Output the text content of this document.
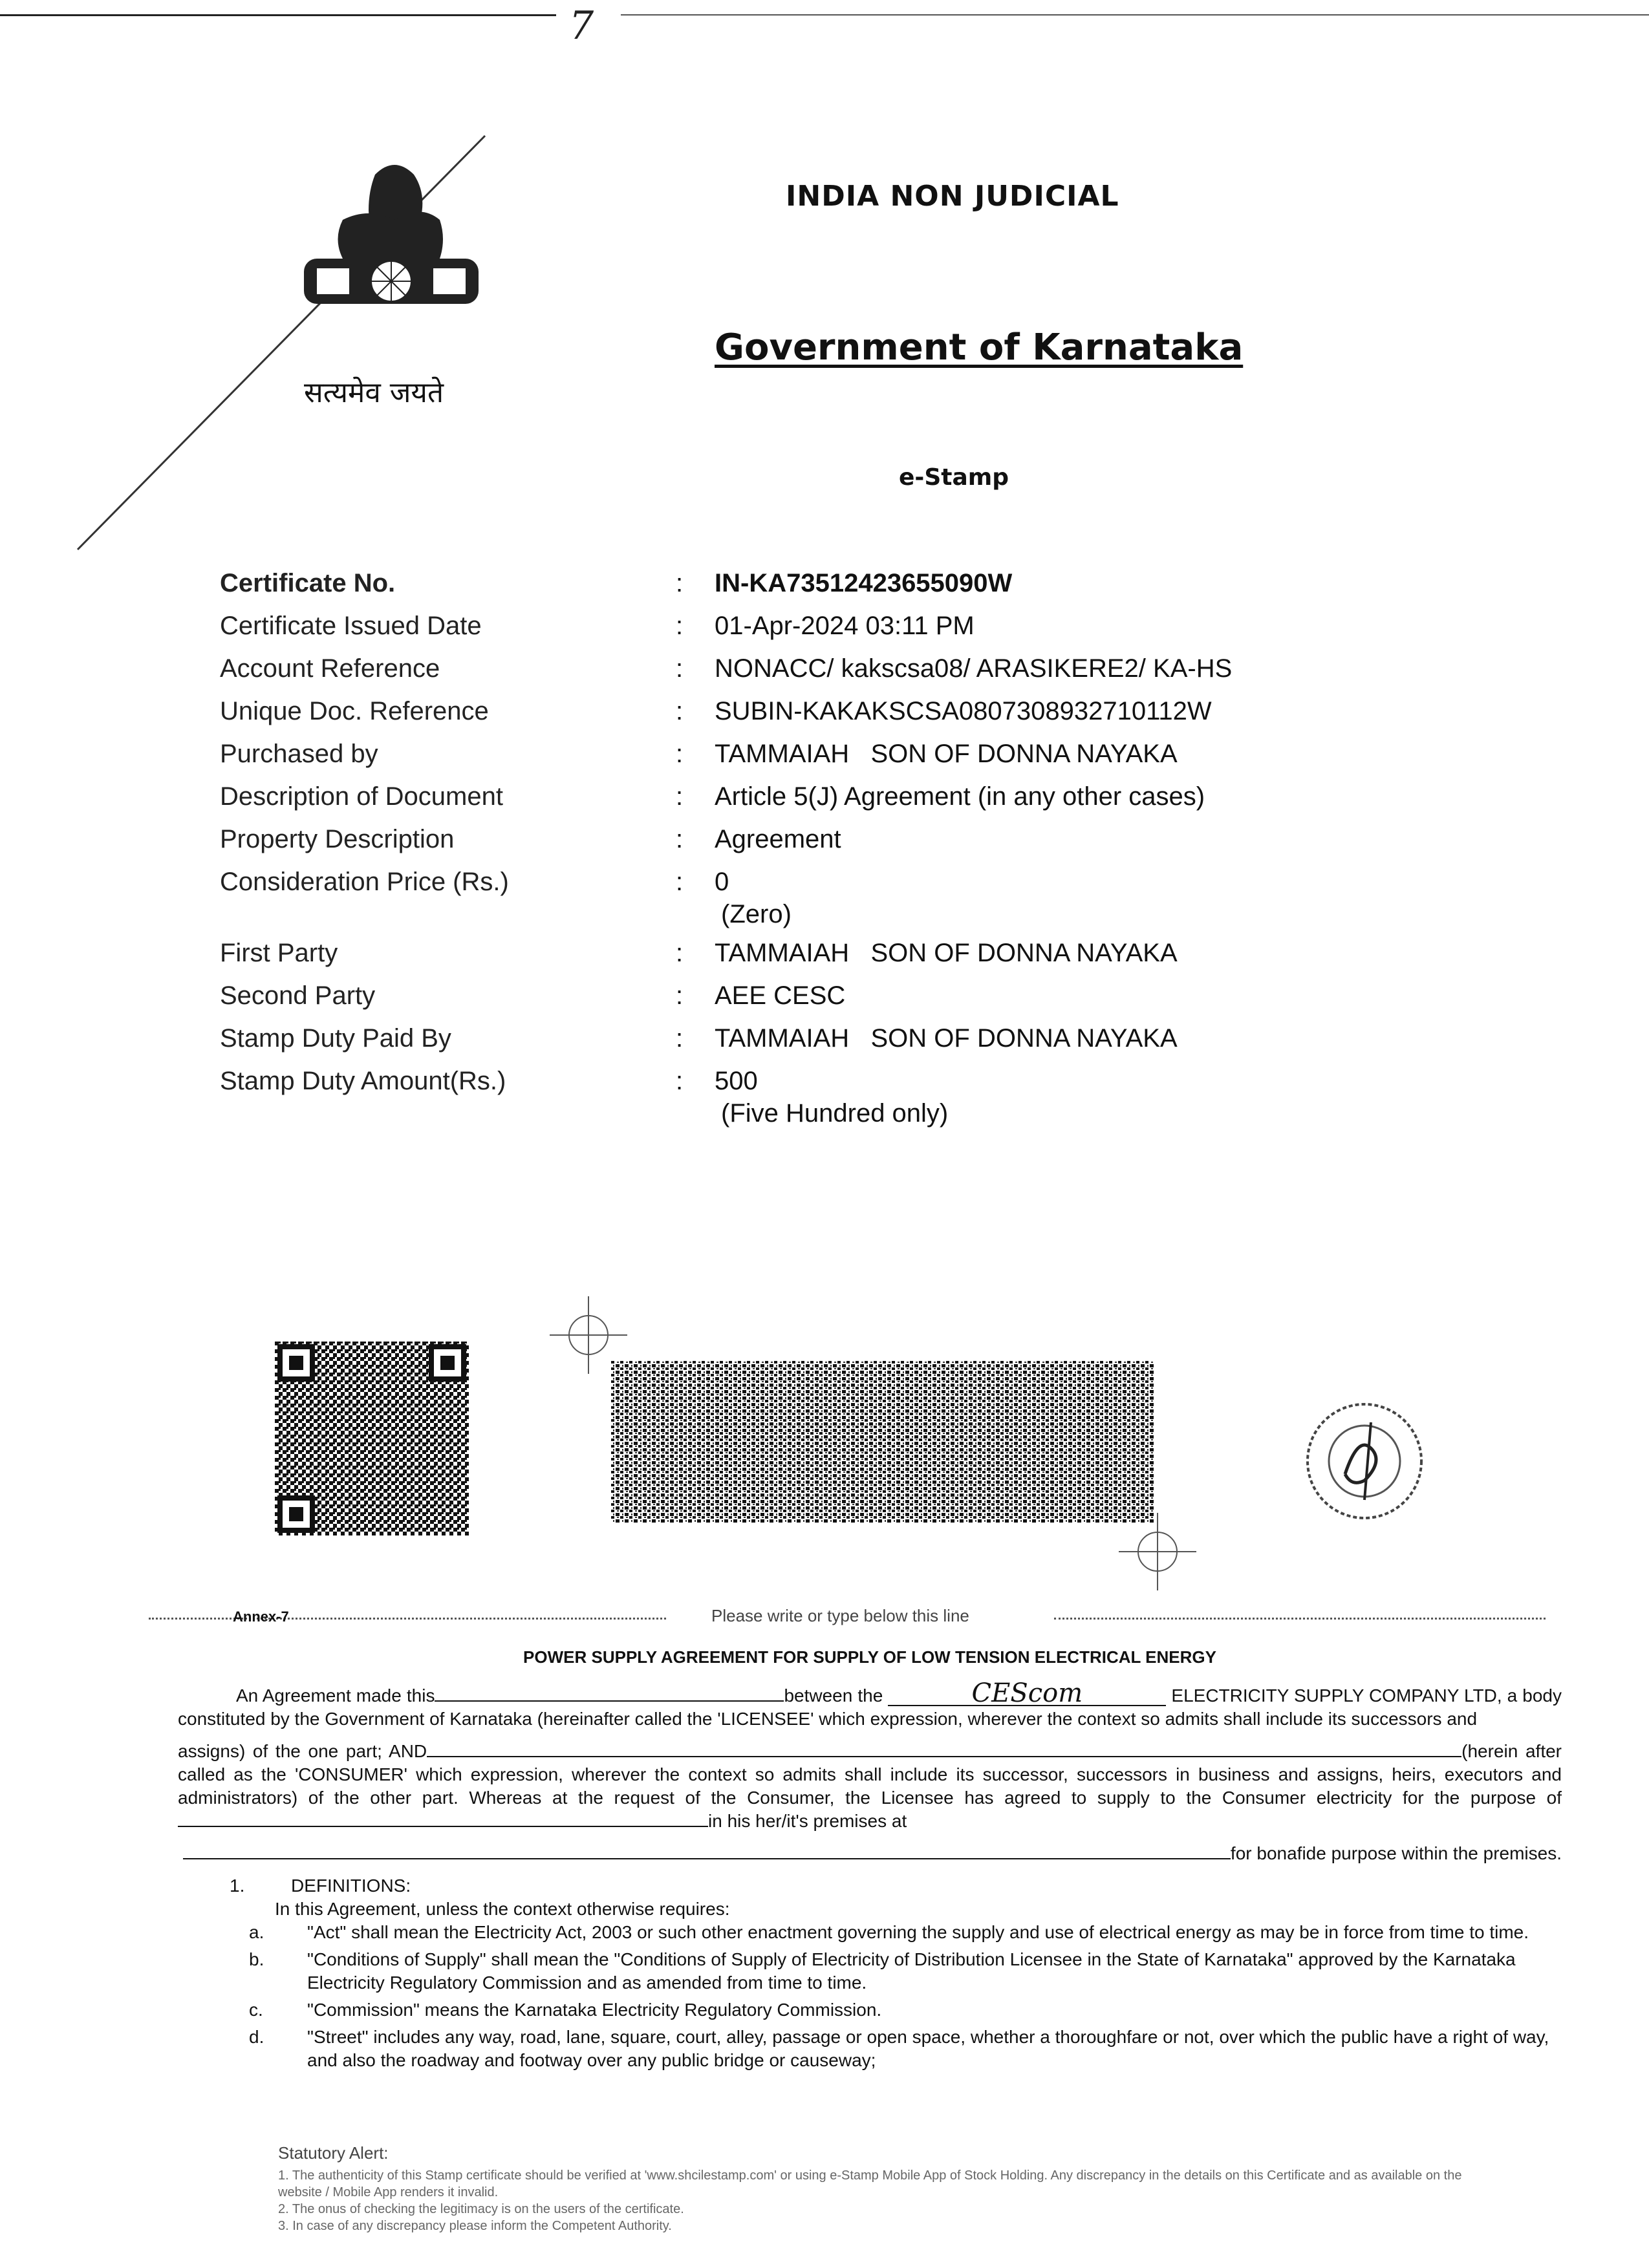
7
सत्यमेव जयते
INDIA NON JUDICIAL
Government of Karnataka
e-Stamp
Certificate No.	: IN-KA73512423655090W
Certificate Issued Date	: 01-Apr-2024 03:11 PM
Account Reference	: NONACC/ kakscsa08/ ARASIKERE2/ KA-HS
Unique Doc. Reference	: SUBIN-KAKAKSCSA0807308932710112W
Purchased by	: TAMMAIAH   SON OF DONNA NAYAKA
Description of Document	: Article 5(J) Agreement (in any other cases)
Property Description	: Agreement
Consideration Price (Rs.)	: 0
(Zero)
First Party	: TAMMAIAH   SON OF DONNA NAYAKA
Second Party	: AEE CESC
Stamp Duty Paid By	: TAMMAIAH   SON OF DONNA NAYAKA
Stamp Duty Amount(Rs.)	: 500
(Five Hundred only)
Annex-7	Please write or type below this line
POWER SUPPLY AGREEMENT FOR SUPPLY OF LOW TENSION ELECTRICAL ENERGY

An Agreement made this	between the	CEScom	ELECTRICITY SUPPLY COMPANY LTD, a body constituted by the Government of Karnataka (hereinafter called the 'LICENSEE' which expression, wherever the context so admits shall include its successors and

assigns) of the one part; AND	(herein after called as the 'CONSUMER' which expression, wherever the context so admits shall include its successor, successors in business and assigns, heirs, executors and administrators) of the other part. Whereas at the request of the Consumer, the Licensee has agreed to supply to the Consumer electricity for the purpose of in his her/it's premises at

for bonafide purpose within the premises.

1.	DEFINITIONS:
In this Agreement, unless the context otherwise requires:
a. "Act" shall mean the Electricity Act, 2003 or such other enactment governing the supply and use of electrical energy as may be in force from time to time.
b. "Conditions of Supply" shall mean the "Conditions of Supply of Electricity of Distribution Licensee in the State of Karnataka" approved by the Karnataka Electricity Regulatory Commission and as amended from time to time.
c. "Commission" means the Karnataka Electricity Regulatory Commission.
d. "Street" includes any way, road, lane, square, court, alley, passage or open space, whether a thoroughfare or not, over which the public have a right of way, and also the roadway and footway over any public bridge or causeway;
Statutory Alert:
1. The authenticity of this Stamp certificate should be verified at 'www.shcilestamp.com' or using e-Stamp Mobile App of Stock Holding. Any discrepancy in the details on this Certificate and as available on the website / Mobile App renders it invalid.
2. The onus of checking the legitimacy is on the users of the certificate.
3. In case of any discrepancy please inform the Competent Authority.
